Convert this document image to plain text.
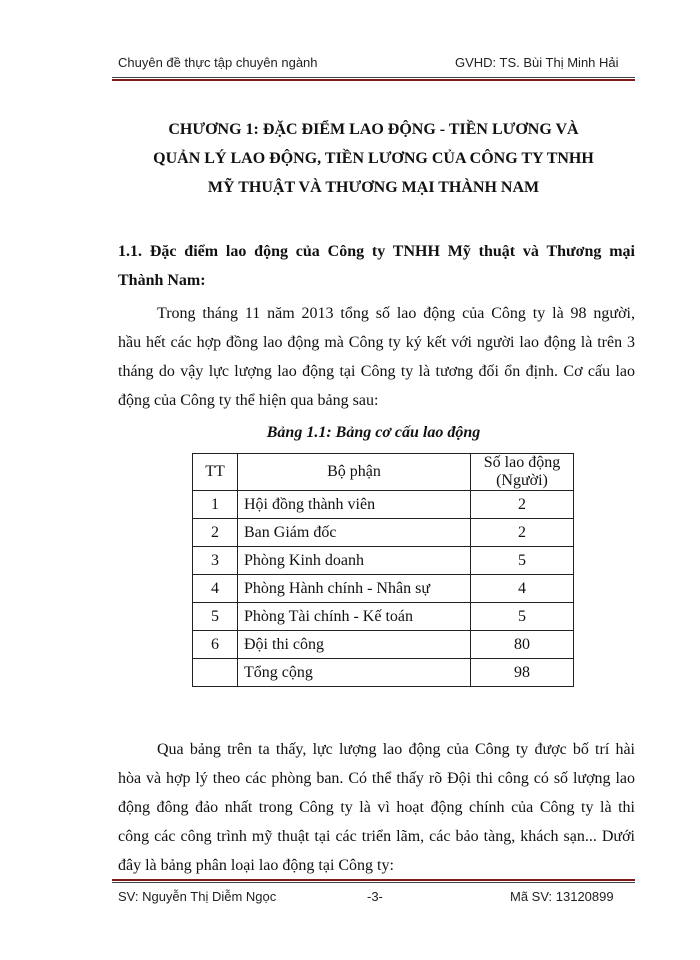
Chuyên đề thực tập chuyên ngành	GVHD: TS. Bùi Thị Minh Hải
CHƯƠNG 1: ĐẶC ĐIỂM LAO ĐỘNG - TIỀN LƯƠNG VÀ
QUẢN LÝ LAO ĐỘNG, TIỀN LƯƠNG CỦA CÔNG TY TNHH
MỸ THUẬT VÀ THƯƠNG MẠI THÀNH NAM
1.1. Đặc điểm lao động của Công ty TNHH Mỹ thuật và Thương mại
Thành Nam:
Trong tháng 11 năm 2013 tổng số lao động của Công ty là 98 người,
hầu hết các hợp đồng lao động mà Công ty ký kết với người lao động là trên 3
tháng do vậy lực lượng lao động tại Công ty là tương đối ổn định. Cơ cấu lao
động của Công ty thể hiện qua bảng sau:
Bảng 1.1: Bảng cơ cấu lao động
TT	Bộ phận	Số lao động
(Người)

1	Hội đồng thành viên	2
2	Ban Giám đốc	2
3	Phòng Kinh doanh	5
4	Phòng Hành chính - Nhân sự	4
5	Phòng Tài chính - Kế toán	5
6	Đội thi công	80
	Tổng cộng	98
Qua bảng trên ta thấy, lực lượng lao động của Công ty được bố trí hài
hòa và hợp lý theo các phòng ban. Có thể thấy rõ Đội thi công có số lượng lao
động đông đảo nhất trong Công ty là vì hoạt động chính của Công ty là thi
công các công trình mỹ thuật tại các triển lãm, các bảo tàng, khách sạn... Dưới
đây là bảng phân loại lao động tại Công ty:
SV: Nguyễn Thị Diễm Ngọc	-3-	Mã SV: 13120899
